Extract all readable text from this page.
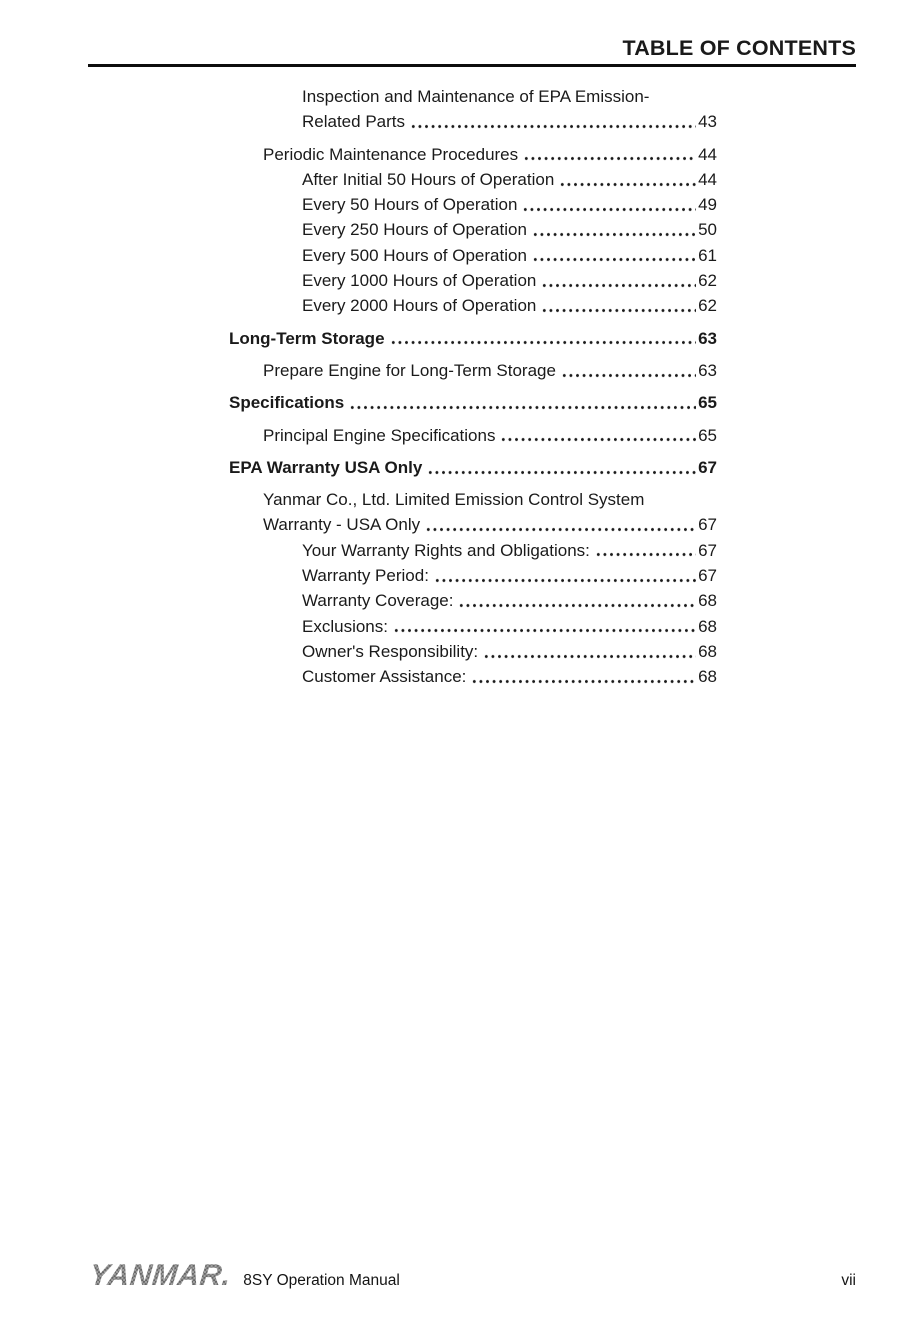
TABLE OF CONTENTS
Inspection and Maintenance of EPA Emission-
Related Parts	43
Periodic Maintenance Procedures	44
After Initial 50 Hours of Operation	44
Every 50 Hours of Operation	49
Every 250 Hours of Operation	50
Every 500 Hours of Operation	61
Every 1000 Hours of Operation	62
Every 2000 Hours of Operation	62
Long-Term Storage	63
Prepare Engine for Long-Term Storage	63
Specifications	65
Principal Engine Specifications	65
EPA Warranty USA Only	67
Yanmar Co., Ltd. Limited Emission Control System
Warranty - USA Only	67
Your Warranty Rights and Obligations:	67
Warranty Period:	67
Warranty Coverage:	68
Exclusions:	68
Owner's Responsibility:	68
Customer Assistance:	68
YANMAR. 8SY Operation Manual	vii
